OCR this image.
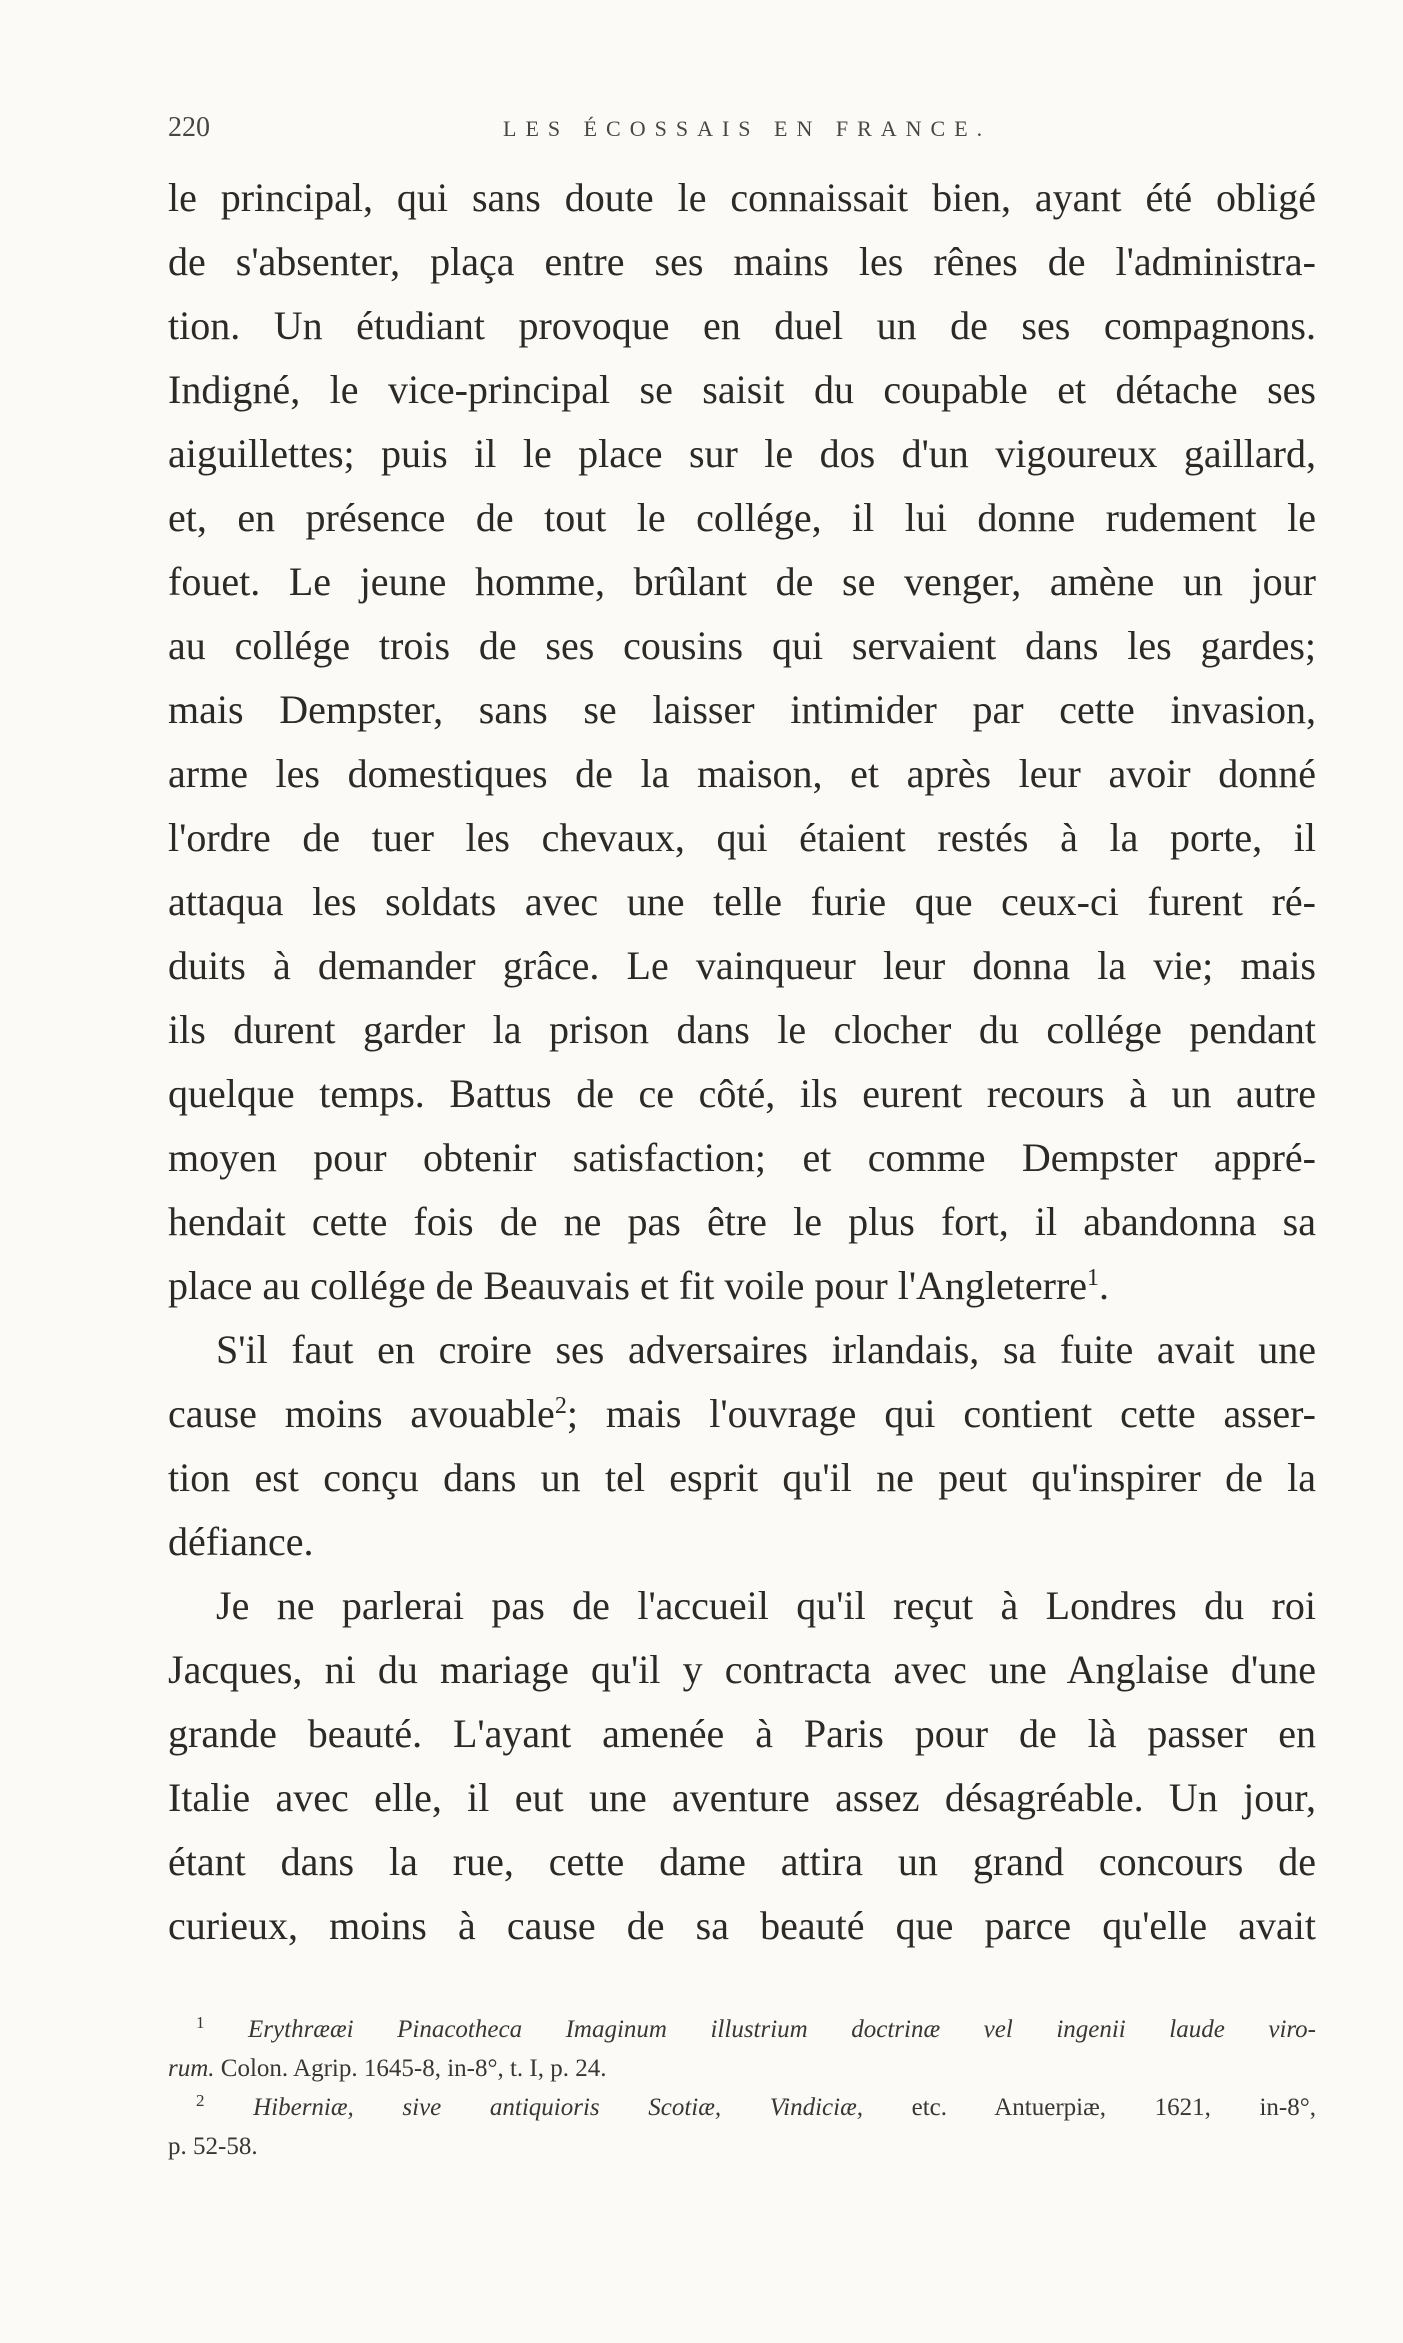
220	LES ÉCOSSAIS EN FRANCE.
le principal, qui sans doute le connaissait bien, ayant été obligé
de s'absenter, plaça entre ses mains les rênes de l'administra-
tion. Un étudiant provoque en duel un de ses compagnons.
Indigné, le vice-principal se saisit du coupable et détache ses
aiguillettes; puis il le place sur le dos d'un vigoureux gaillard,
et, en présence de tout le collége, il lui donne rudement le
fouet. Le jeune homme, brûlant de se venger, amène un jour
au collége trois de ses cousins qui servaient dans les gardes;
mais Dempster, sans se laisser intimider par cette invasion,
arme les domestiques de la maison, et après leur avoir donné
l'ordre de tuer les chevaux, qui étaient restés à la porte, il
attaqua les soldats avec une telle furie que ceux-ci furent ré-
duits à demander grâce. Le vainqueur leur donna la vie; mais
ils durent garder la prison dans le clocher du collége pendant
quelque temps. Battus de ce côté, ils eurent recours à un autre
moyen pour obtenir satisfaction; et comme Dempster appré-
hendait cette fois de ne pas être le plus fort, il abandonna sa
place au collége de Beauvais et fit voile pour l'Angleterre$^1$.
S'il faut en croire ses adversaires irlandais, sa fuite avait une
cause moins avouable$^2$; mais l'ouvrage qui contient cette asser-
tion est conçu dans un tel esprit qu'il ne peut qu'inspirer de la
défiance.
Je ne parlerai pas de l'accueil qu'il reçut à Londres du roi
Jacques, ni du mariage qu'il y contracta avec une Anglaise d'une
grande beauté. L'ayant amenée à Paris pour de là passer en
Italie avec elle, il eut une aventure assez désagréable. Un jour,
étant dans la rue, cette dame attira un grand concours de
curieux, moins à cause de sa beauté que parce qu'elle avait
$^1$ Erythrææi Pinacotheca Imaginum illustrium doctrinæ vel ingenii laude viro-
rum. Colon. Agrip. 1645-8, in-8°, t. I, p. 24.
$^2$ Hiberniæ, sive antiquioris Scotiæ, Vindiciæ, etc. Antuerpiæ, 1621, in-8°,
p. 52-58.
